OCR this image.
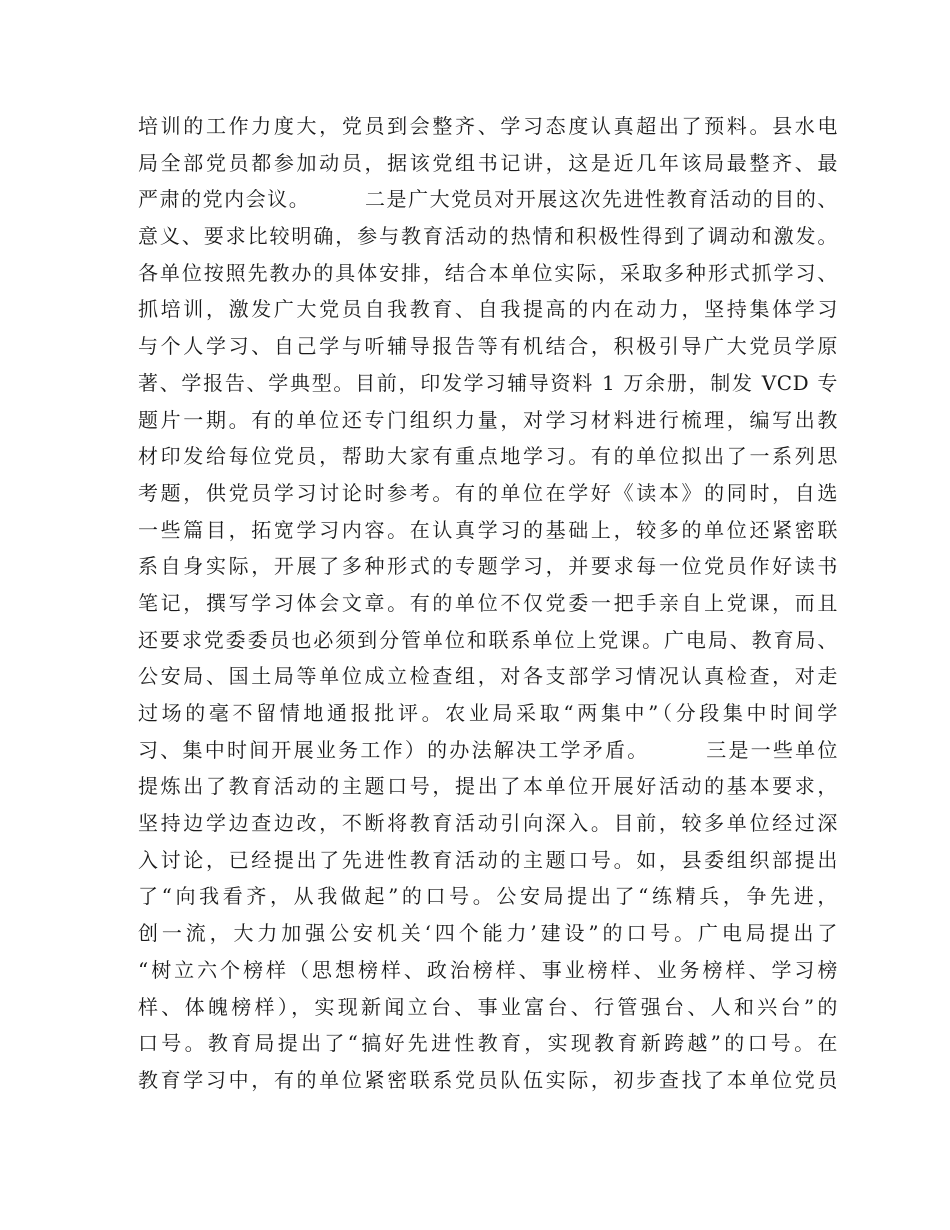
培训的工作力度大，党员到会整齐、学习态度认真超出了预料。县水电
局全部党员都参加动员，据该党组书记讲，这是近几年该局最整齐、最
严肃的党内会议。　　　二是广大党员对开展这次先进性教育活动的目的、
意义、要求比较明确，参与教育活动的热情和积极性得到了调动和激发。
各单位按照先教办的具体安排，结合本单位实际，采取多种形式抓学习、
抓培训，激发广大党员自我教育、自我提高的内在动力，坚持集体学习
与个人学习、自己学与听辅导报告等有机结合，积极引导广大党员学原
著、学报告、学典型。目前，印发学习辅导资料 1 万余册，制发 VCD 专
题片一期。有的单位还专门组织力量，对学习材料进行梳理，编写出教
材印发给每位党员，帮助大家有重点地学习。有的单位拟出了一系列思
考题，供党员学习讨论时参考。有的单位在学好《读本》的同时，自选
一些篇目，拓宽学习内容。在认真学习的基础上，较多的单位还紧密联
系自身实际，开展了多种形式的专题学习，并要求每一位党员作好读书
笔记，撰写学习体会文章。有的单位不仅党委一把手亲自上党课，而且
还要求党委委员也必须到分管单位和联系单位上党课。广电局、教育局、
公安局、国土局等单位成立检查组，对各支部学习情况认真检查，对走
过场的毫不留情地通报批评。农业局采取“两集中”（分段集中时间学
习、集中时间开展业务工作）的办法解决工学矛盾。　　　三是一些单位
提炼出了教育活动的主题口号，提出了本单位开展好活动的基本要求，
坚持边学边查边改，不断将教育活动引向深入。目前，较多单位经过深
入讨论，已经提出了先进性教育活动的主题口号。如，县委组织部提出
了“向我看齐，从我做起”的口号。公安局提出了“练精兵，争先进，
创一流，大力加强公安机关‘四个能力’建设”的口号。广电局提出了
“树立六个榜样（思想榜样、政治榜样、事业榜样、业务榜样、学习榜
样、体魄榜样），实现新闻立台、事业富台、行管强台、人和兴台”的
口号。教育局提出了“搞好先进性教育，实现教育新跨越”的口号。在
教育学习中，有的单位紧密联系党员队伍实际，初步查找了本单位党员
